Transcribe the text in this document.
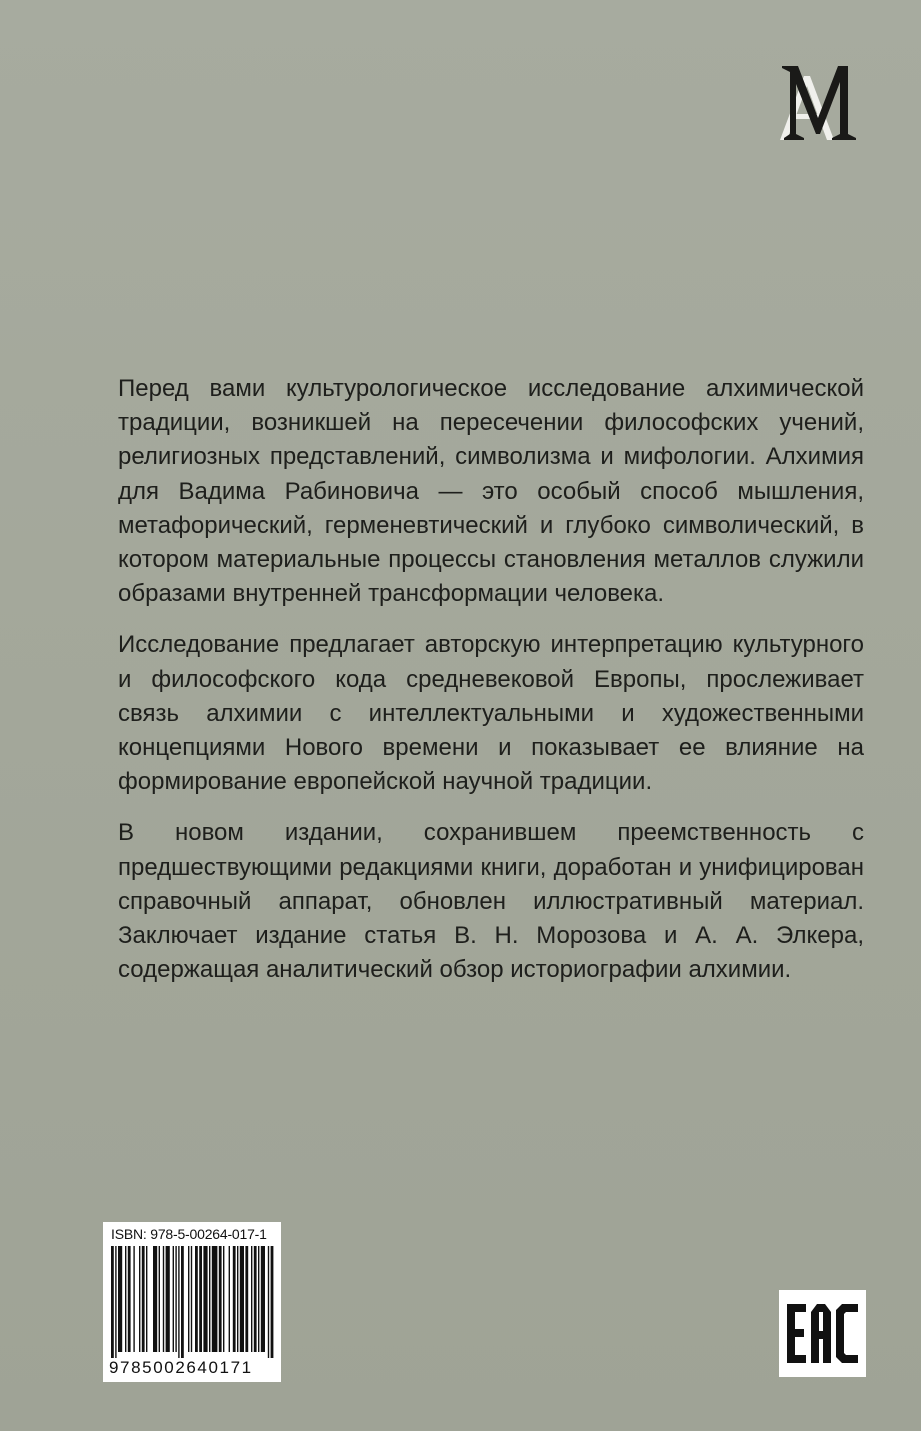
Перед вами культурологическое исследование алхимической традиции, возникшей на пересечении философских учений, религиозных представлений, символизма и мифологии. Алхимия для Вадима Рабиновича — это особый способ мышления, метафорический, герменевтический и глубоко символический, в котором материальные процессы становления металлов служили образами внутренней трансформации человека.

Исследование предлагает авторскую интерпретацию культурного и философского кода средневековой Европы, прослеживает связь алхимии с интеллектуальными и художественными концепциями Нового времени и показывает ее влияние на формирование европейской научной традиции.

В новом издании, сохранившем преемственность с предшествующими редакциями книги, доработан и унифицирован справочный аппарат, обновлен иллюстративный материал. Заключает издание статья В. Н. Морозова и А. А. Элкера, содержащая аналитический обзор историографии алхимии.

ISBN: 978-5-00264-017-1
9785002640171
